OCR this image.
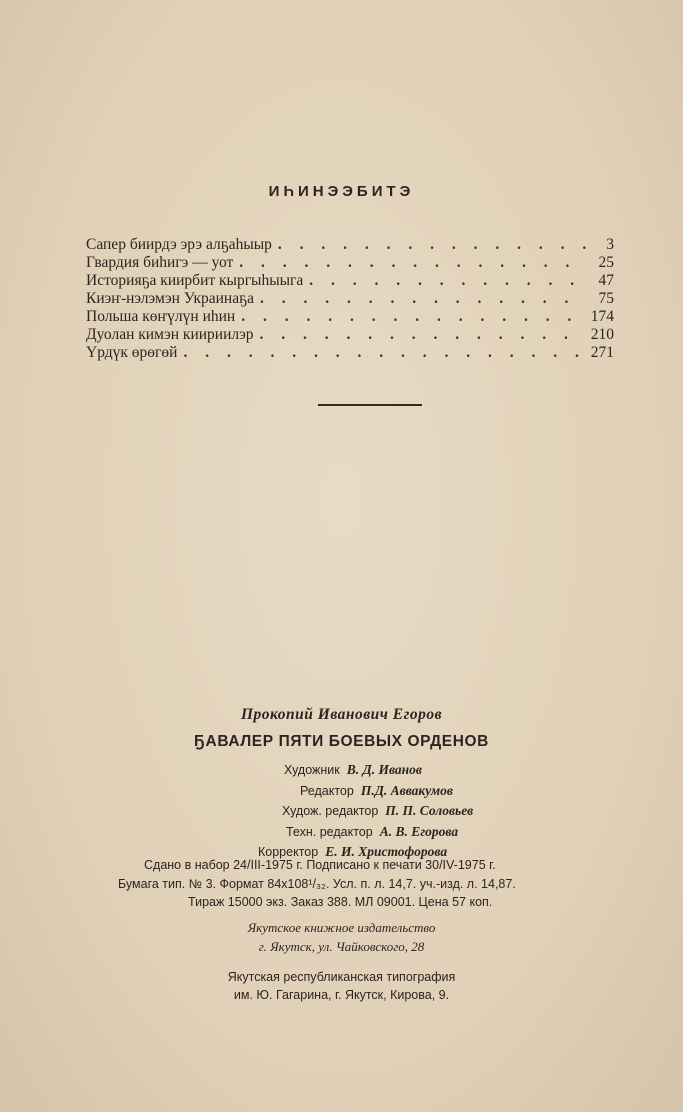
ИҺИНЭЭБИТЭ
Сапер биирдэ эрэ алҕаһыыр . . .	3
Гвардия биһигэ — уот . . .	25
Историяҕа киирбит кыргыһыыга . . .	47
Киэҥ-нэлэмэн Украинаҕа . . .	75
Польша көҥүлүн иһин . . .	174
Дуолан кимэн киириилэр . . .	210
Үрдүк өрөгөй . . .	271
Прокопий Иванович Егоров
ҔАВАЛЕР ПЯТИ БОЕВЫХ ОРДЕНОВ
Художник В. Д. Иванов
Редактор П.Д. Аввакумов
Худож. редактор П. П. Соловьев
Техн. редактор А. В. Егорова
Корректор Е. И. Христофорова
Сдано в набор 24/III-1975 г. Подписано к печати 30/IV-1975 г.
Бумага тип. № 3. Формат 84x108¹/₃₂. Усл. п. л. 14,7. уч.-изд. л. 14,87.
Тираж 15000 экз. Заказ 388. МЛ 09001. Цена 57 коп.
Якутское книжное издательство
г. Якутск, ул. Чайковского, 28
Якутская республиканская типография
им. Ю. Гагарина, г. Якутск, Кирова, 9.
